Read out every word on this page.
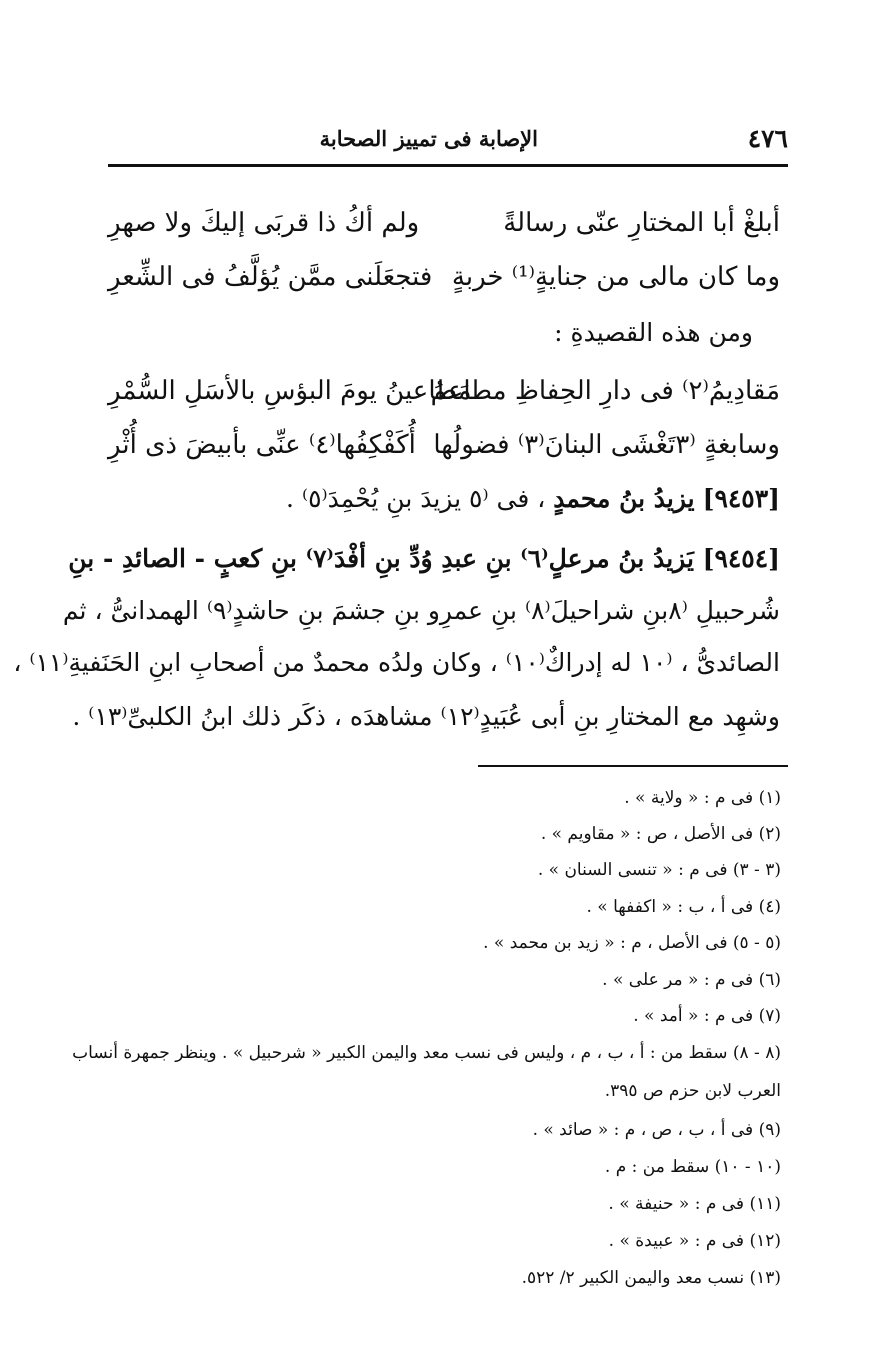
٤٧٦
الإصابة فى تمييز الصحابة
أبلغْ أبا المختارِ عنّى رسالةً
ولم أكُ ذا قربَى إليكَ ولا صهرِ
وما كان مالى من جنايةٍ⁽¹⁾ خربةٍ
فتجعَلَنى ممَّن يُؤلَّفُ فى الشِّعرِ
ومن هذه القصيدةِ :
مَقادِيمُ⁽٢⁾ فى دارِ الحِفاظِ مطاعمُ
مَطاعينُ يومَ البؤسِ بالأسَلِ السُّمْرِ
وسابغةٍ ⁽٣تَغْشَى البنانَ⁽٣⁾ فضولُها
أُكَفْكِفُها⁽٤⁾ عنِّى بأبيضَ ذى أُثْرِ
[٩٤٥٣] يزيدُ بنُ محمدٍ ، فى ⁽٥ يزيدَ بنِ يُحْمِدَ⁽٥⁾ .
[٩٤٥٤] يَزيدُ بنُ مرعلٍ⁽٦⁾ بنِ عبدِ وُدِّ بنِ أفْدَ⁽٧⁾ بنِ كعبٍ - الصائدِ - بنِ
شُرحبيلِ ⁽٨بنِ شراحيلَ⁽٨⁾ بنِ عمرِو بنِ جشمَ بنِ حاشدٍ⁽٩⁾ الهمدانىُّ ، ثم
الصائدىُّ ، ⁽١٠ له إدراكٌ⁽١٠⁾ ، وكان ولدُه محمدٌ من أصحابِ ابنِ الحَنَفيةِ⁽١١⁾ ،
وشهِد مع المختارِ بنِ أبى عُبَيدٍ⁽١٢⁾ مشاهدَه ، ذكَر ذلك ابنُ الكلبىِّ⁽١٣⁾ .
(١) فى م : « ولاية » .
(٢) فى الأصل ، ص : « مقاويم » .
(٣ - ٣) فى م : « تنسى السنان » .
(٤) فى أ ، ب : « اكففها » .
(٥ - ٥) فى الأصل ، م : « زيد بن محمد » .
(٦) فى م : « مر على » .
(٧) فى م : « أمد » .
(٨ - ٨) سقط من : أ ، ب ، م ، وليس فى نسب معد واليمن الكبير « شرحبيل » . وينظر جمهرة أنساب
العرب لابن حزم ص ٣٩٥.
(٩) فى أ ، ب ، ص ، م : « صائد » .
(١٠ - ١٠) سقط من : م .
(١١) فى م : « حنيفة » .
(١٢) فى م : « عبيدة » .
(١٣) نسب معد واليمن الكبير ٢/ ٥٢٢.
